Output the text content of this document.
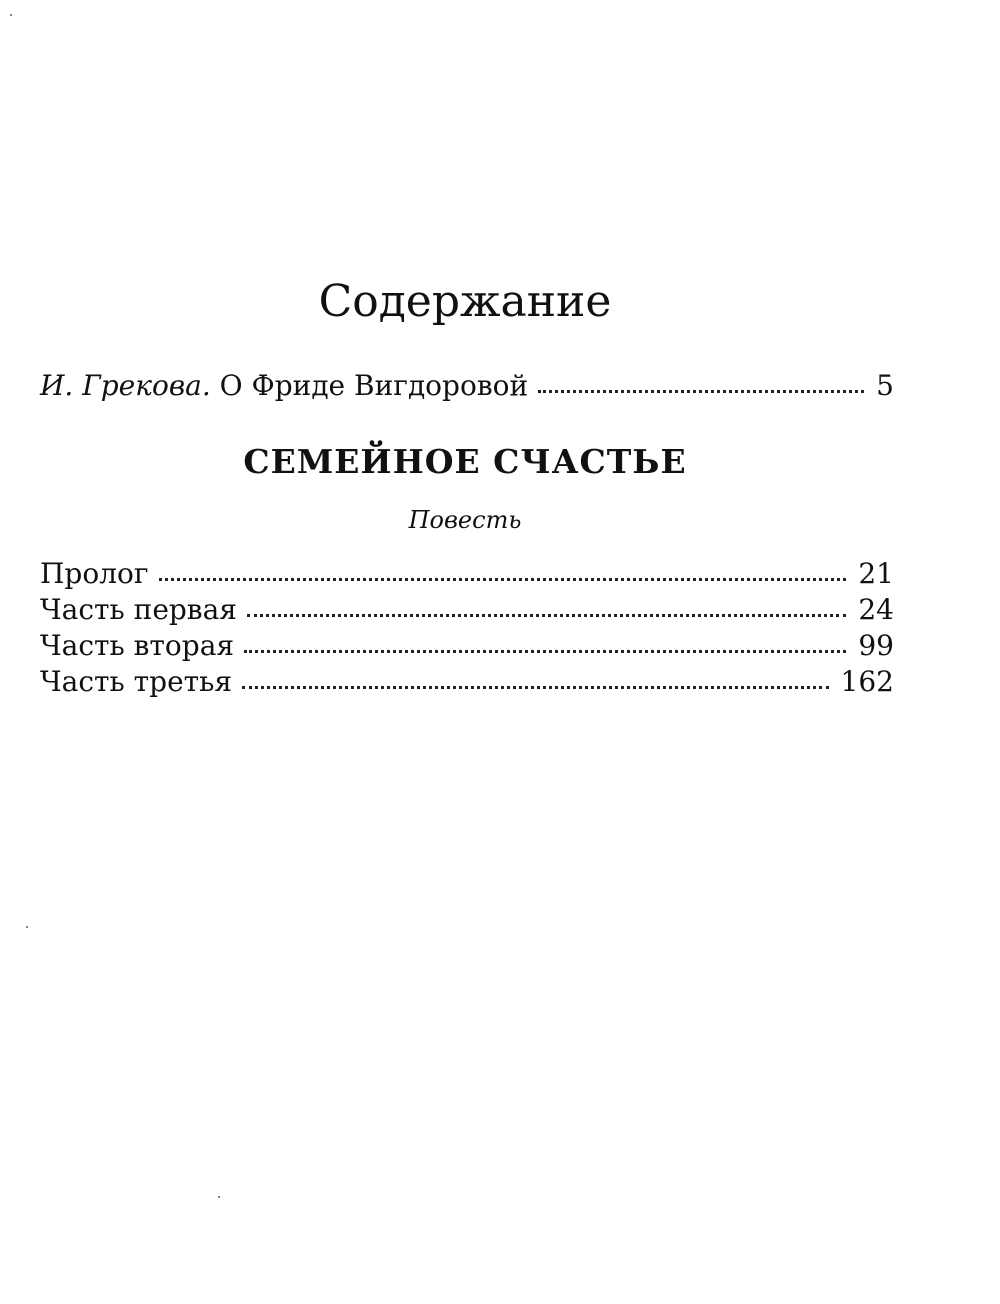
Содержание
И. Грекова. О Фриде Вигдоровой	5
СЕМЕЙНОЕ СЧАСТЬЕ
Повесть
Пролог	21
Часть первая	24
Часть вторая	99
Часть третья	162
